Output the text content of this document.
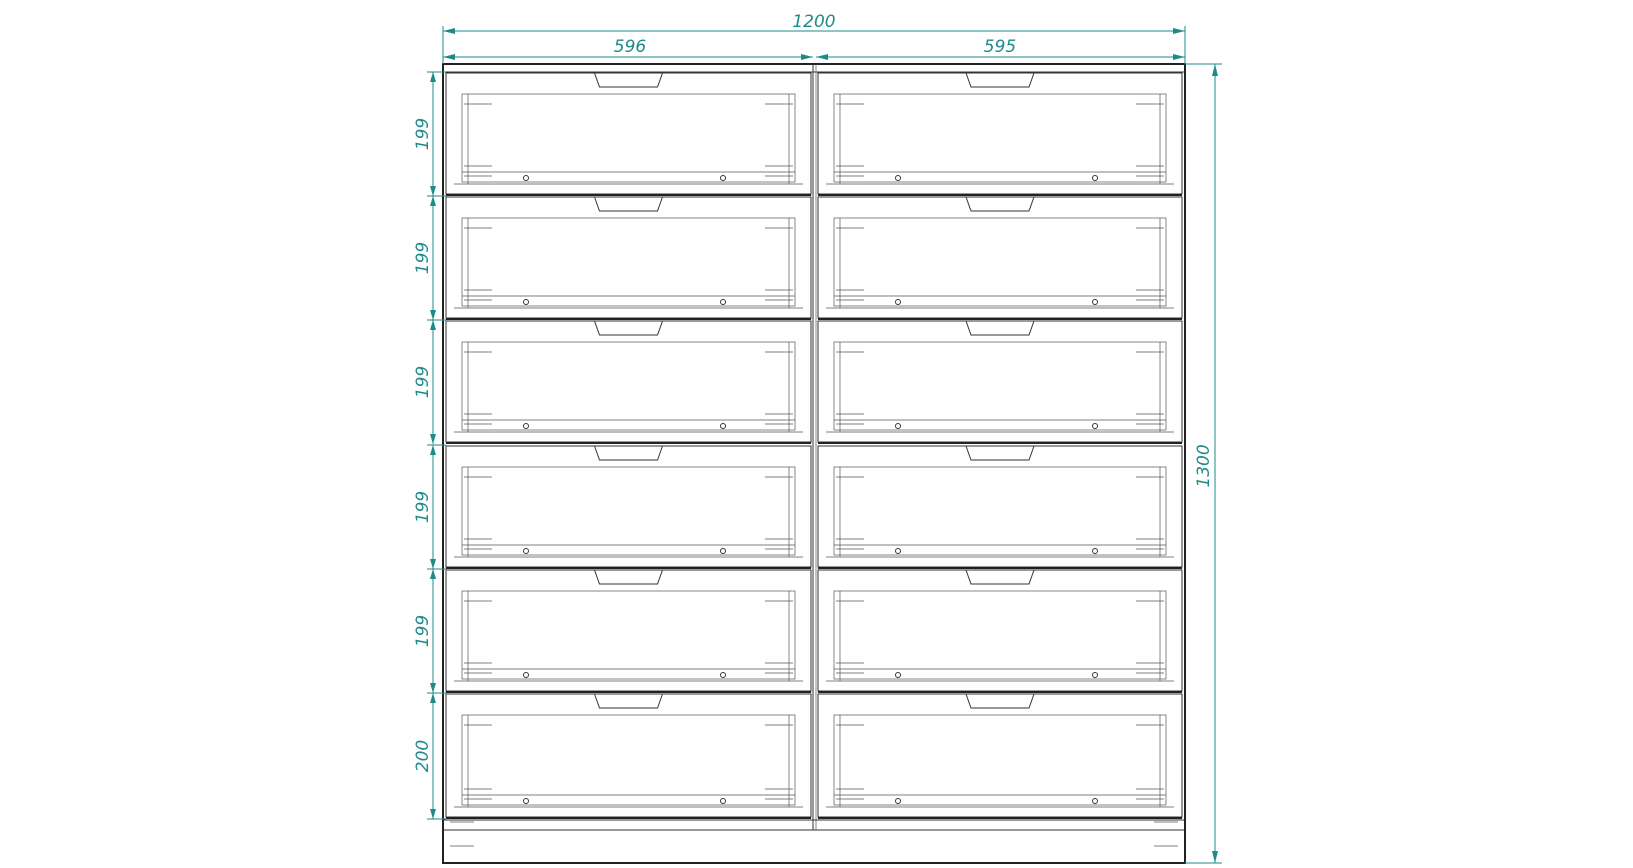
1200
596	595
1300
199
199
199
199
199
200
